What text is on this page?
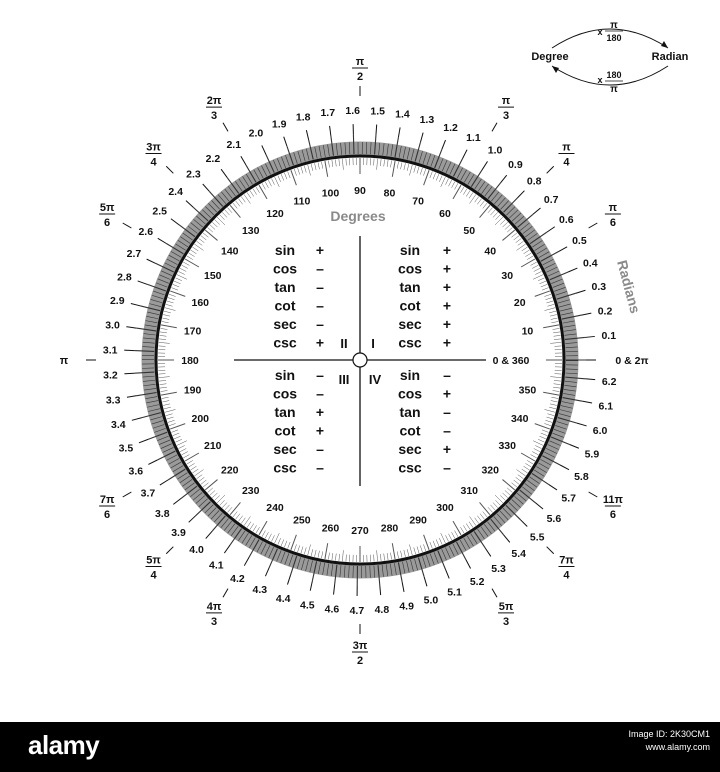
0 & 360
10
20
30
40
50
60
70
80
90
100
110
120
130
140
150
160
170
180
190
200
210
220
230
240
250
260 270 280
290
300
310
320
330
340
350
0 & 2π
0.1
0.2
0.3
0.4
0.5
0.6
0.7
0.8
0.9
1.0
1.1
1.2
1.3
1.4
1.5
1.6
1.7
1.8
1.9
2.0
2.1
2.2
2.3
2.4
2.5
2.6
2.7
2.8
2.9
3.0
3.1
3.2
3.3
3.4
3.5
3.6
3.7
3.8
3.9
4.0
4.1
4.2
4.3
4.4
4.5 4.6 4.7 4.8 4.9 5.0
5.1
5.2
5.3
5.4
5.5
5.6
5.7
5.8
5.9
6.0
6.1
6.2
π
6
π
4
π
3
π
2
2π
3
3π
4
5π
6
π
7π
6
5π
4
4π
3
3π
2
5π
3
7π
4
11π
6
Degrees
Radians
sin +
cos –
tan –
cot –
sec –
csc +
sin +
cos +
tan +
cot +
sec +
csc +
sin –
cos –
tan +
cot +
sec –
csc –
sin –
cos +
tan –
cot –
sec +
csc –
I
II
III IV
Degree	Radian
x
π
180
x 180
π
alamy	Image ID: 2K30CM1
www.alamy.com
